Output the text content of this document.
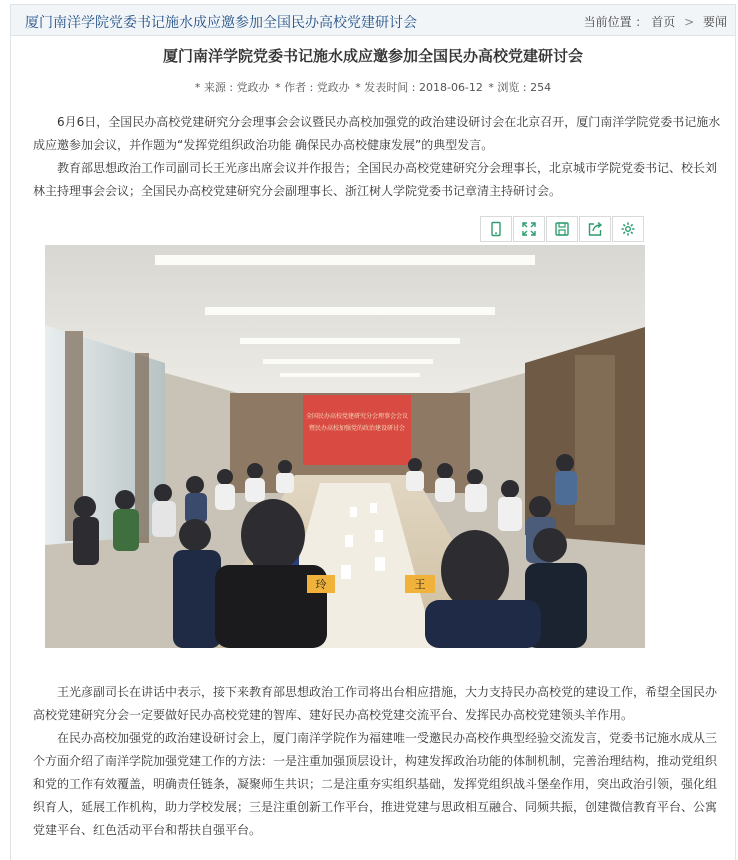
厦门南洋学院党委书记施水成应邀参加全国民办高校党建研讨会	当前位置 ： 首页 > 要闻
厦门南洋学院党委书记施水成应邀参加全国民办高校党建研讨会
* 来源 : 党政办 * 作者 : 党政办 * 发表时间 : 2018-06-12 * 浏览 : 254

6月6日，全国民办高校党建研究分会理事会会议暨民办高校加强党的政治建设研讨会在北京召开，厦门南洋学院党委书记施水成应邀参加会议，并作题为“发挥党组织政治功能 确保民办高校健康发展”的典型发言。

教育部思想政治工作司副司长王光彦出席会议并作报告；全国民办高校党建研究分会理事长，北京城市学院党委书记、校长刘林主持理事会会议；全国民办高校党建研究分会副理事长、浙江树人学院党委书记章清主持研讨会。

全国民办高校党建研究分会理事会会议
暨民办高校加强党的政治建设研讨会
玲	王

王光彦副司长在讲话中表示，接下来教育部思想政治工作司将出台相应措施，大力支持民办高校党的建设工作，希望全国民办高校党建研究分会一定要做好民办高校党建的智库、建好民办高校党建交流平台、发挥民办高校党建领头羊作用。

在民办高校加强党的政治建设研讨会上，厦门南洋学院作为福建唯一受邀民办高校作典型经验交流发言，党委书记施水成从三个方面介绍了南洋学院加强党建工作的方法：一是注重加强顶层设计，构建发挥政治功能的体制机制，完善治理结构，推动党组织和党的工作有效覆盖，明确责任链条，凝聚师生共识；二是注重夯实组织基础，发挥党组织战斗堡垒作用，突出政治引领，强化组织育人，延展工作机构，助力学校发展；三是注重创新工作平台，推进党建与思政相互融合、同频共振，创建微信教育平台、公寓党建平台、红色活动平台和帮扶自强平台。
